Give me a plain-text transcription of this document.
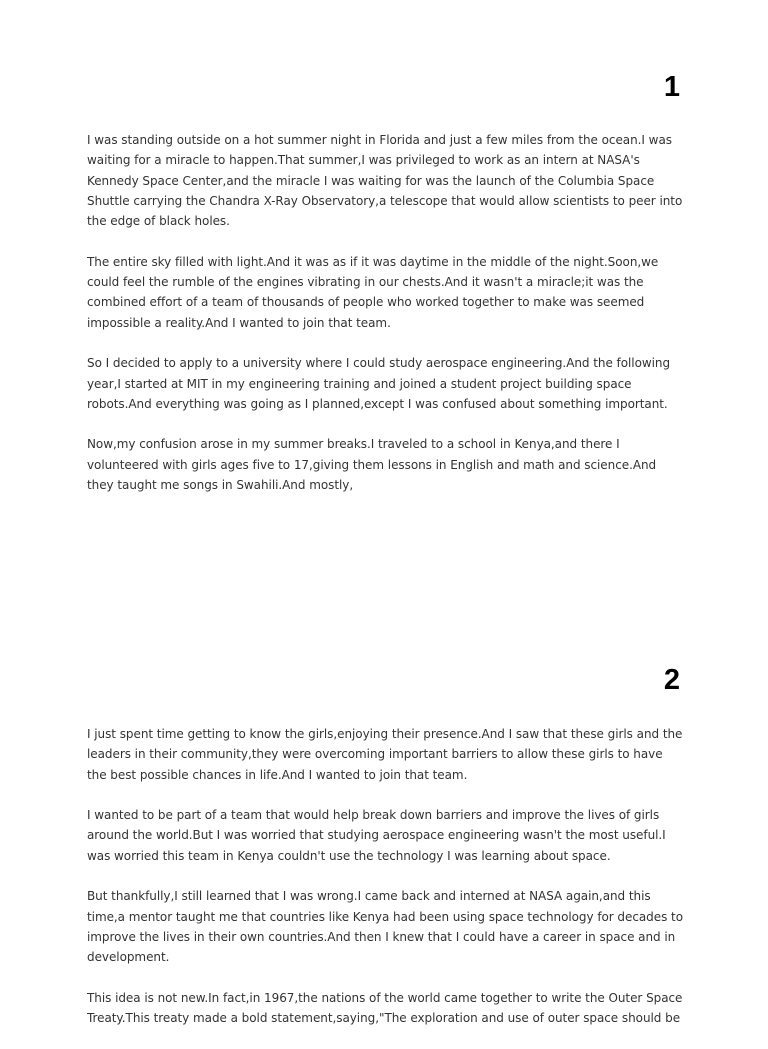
1

I was standing outside on a hot summer night in Florida and just a few miles from the ocean.I was waiting for a miracle to happen.That summer,I was privileged to work as an intern at NASA's Kennedy Space Center,and the miracle I was waiting for was the launch of the Columbia Space Shuttle carrying the Chandra X-Ray Observatory,a telescope that would allow scientists to peer into the edge of black holes.

The entire sky filled with light.And it was as if it was daytime in the middle of the night.Soon,we could feel the rumble of the engines vibrating in our chests.And it wasn't a miracle;it was the combined effort of a team of thousands of people who worked together to make was seemed impossible a reality.And I wanted to join that team.

So I decided to apply to a university where I could study aerospace engineering.And the following year,I started at MIT in my engineering training and joined a student project building space robots.And everything was going as I planned,except I was confused about something important.

Now,my confusion arose in my summer breaks.I traveled to a school in Kenya,and there I volunteered with girls ages five to 17,giving them lessons in English and math and science.And they taught me songs in Swahili.And mostly,

2

I just spent time getting to know the girls,enjoying their presence.And I saw that these girls and the leaders in their community,they were overcoming important barriers to allow these girls to have the best possible chances in life.And I wanted to join that team.

I wanted to be part of a team that would help break down barriers and improve the lives of girls around the world.But I was worried that studying aerospace engineering wasn't the most useful.I was worried this team in Kenya couldn't use the technology I was learning about space.

But thankfully,I still learned that I was wrong.I came back and interned at NASA again,and this time,a mentor taught me that countries like Kenya had been using space technology for decades to improve the lives in their own countries.And then I knew that I could have a career in space and in development.

This idea is not new.In fact,in 1967,the nations of the world came together to write the Outer Space Treaty.This treaty made a bold statement,saying,"The exploration and use of outer space should be
